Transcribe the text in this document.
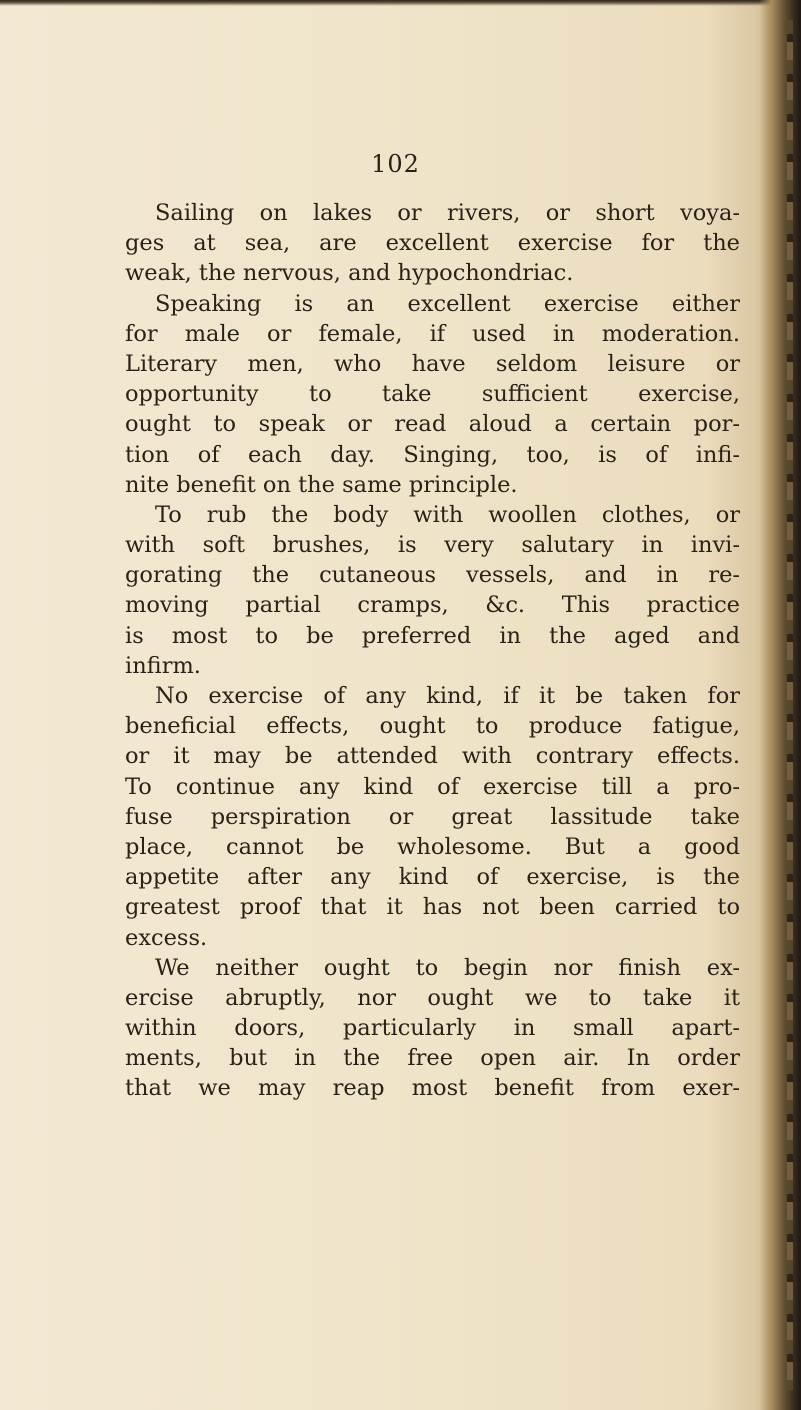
102
Sailing on lakes or rivers, or short voya-
ges at sea, are excellent exercise for the
weak, the nervous, and hypochondriac.
Speaking is an excellent exercise either
for male or female, if used in moderation.
Literary men, who have seldom leisure or
opportunity to take sufficient exercise,
ought to speak or read aloud a certain por-
tion of each day. Singing, too, is of infi-
nite benefit on the same principle.
To rub the body with woollen clothes, or
with soft brushes, is very salutary in invi-
gorating the cutaneous vessels, and in re-
moving partial cramps, &c. This practice
is most to be preferred in the aged and
infirm.
No exercise of any kind, if it be taken for
beneficial effects, ought to produce fatigue,
or it may be attended with contrary effects.
To continue any kind of exercise till a pro-
fuse perspiration or great lassitude take
place, cannot be wholesome. But a good
appetite after any kind of exercise, is the
greatest proof that it has not been carried to
excess.
We neither ought to begin nor finish ex-
ercise abruptly, nor ought we to take it
within doors, particularly in small apart-
ments, but in the free open air. In order
that we may reap most benefit from exer-
